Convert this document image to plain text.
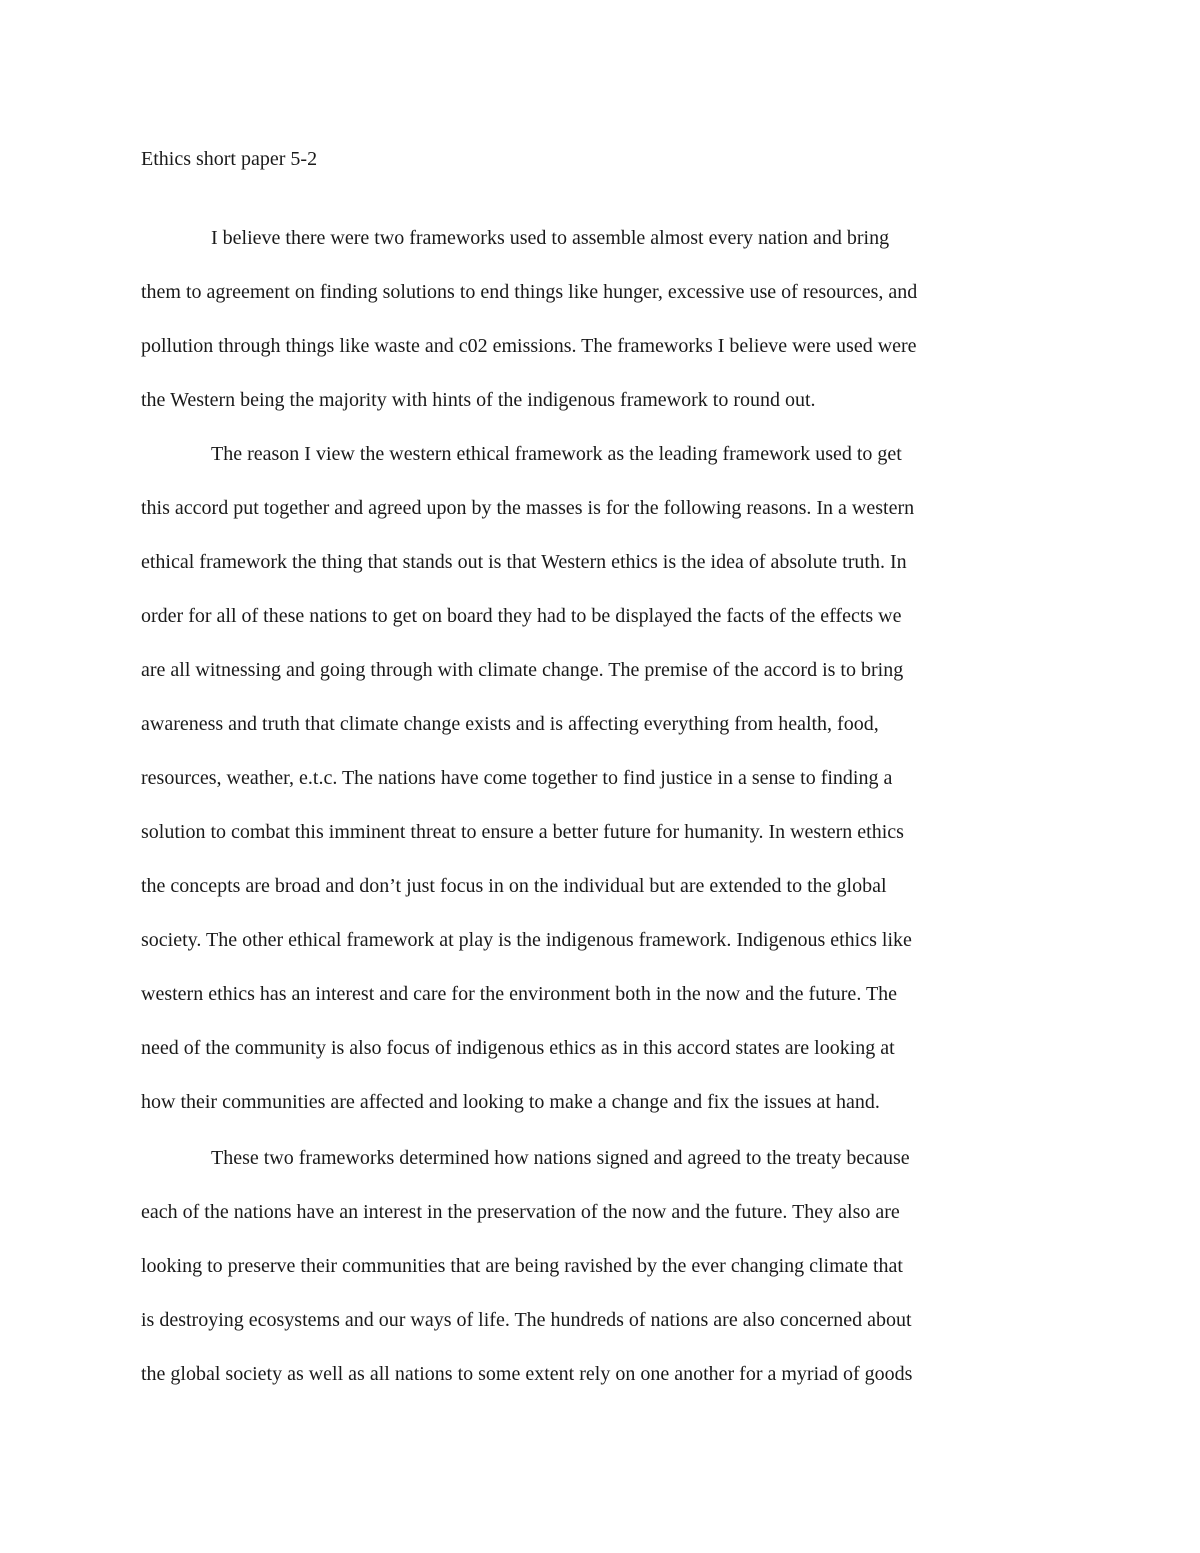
Ethics short paper 5-2
I believe there were two frameworks used to assemble almost every nation and bring
them to agreement on finding solutions to end things like hunger, excessive use of resources, and
pollution through things like waste and c02 emissions. The frameworks I believe were used were
the Western being the majority with hints of the indigenous framework to round out.
The reason I view the western ethical framework as the leading framework used to get
this accord put together and agreed upon by the masses is for the following reasons. In a western
ethical framework the thing that stands out is that Western ethics is the idea of absolute truth. In
order for all of these nations to get on board they had to be displayed the facts of the effects we
are all witnessing and going through with climate change. The premise of the accord is to bring
awareness and truth that climate change exists and is affecting everything from health, food,
resources, weather, e.t.c. The nations have come together to find justice in a sense to finding a
solution to combat this imminent threat to ensure a better future for humanity. In western ethics
the concepts are broad and don’t just focus in on the individual but are extended to the global
society. The other ethical framework at play is the indigenous framework. Indigenous ethics like
western ethics has an interest and care for the environment both in the now and the future. The
need of the community is also focus of indigenous ethics as in this accord states are looking at
how their communities are affected and looking to make a change and fix the issues at hand.
These two frameworks determined how nations signed and agreed to the treaty because
each of the nations have an interest in the preservation of the now and the future. They also are
looking to preserve their communities that are being ravished by the ever changing climate that
is destroying ecosystems and our ways of life. The hundreds of nations are also concerned about
the global society as well as all nations to some extent rely on one another for a myriad of goods
